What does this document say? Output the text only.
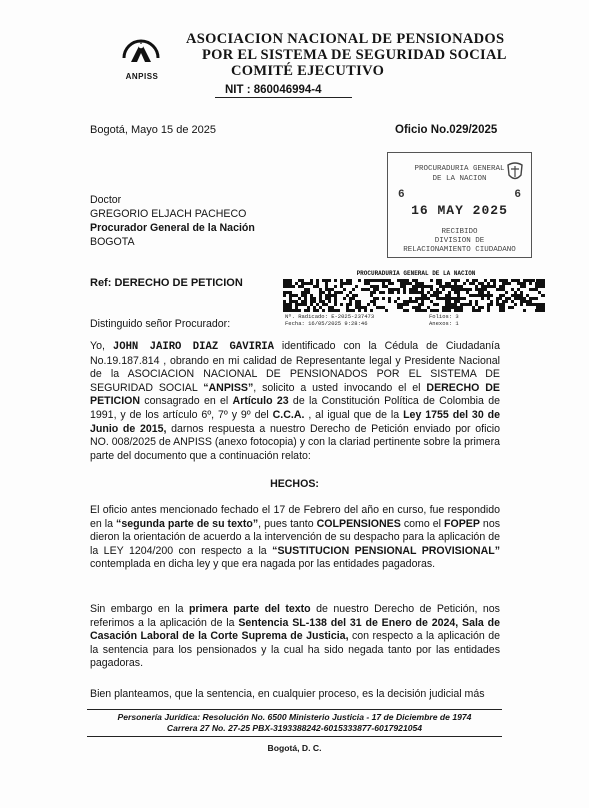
ANPISS
ASOCIACION NACIONAL DE PENSIONADOS
POR EL SISTEMA DE SEGURIDAD SOCIAL
COMITÉ EJECUTIVO
NIT : 860046994-4
Bogotá, Mayo 15 de 2025	Oficio No.029/2025
PROCURADURIA GENERAL
DE LA NACION
6	6
16 MAY 2025
RECIBIDO
DIVISION DE
RELACIONAMIENTO CIUDADANO
Doctor
GREGORIO ELJACH PACHECO
Procurador General de la Nación
BOGOTA
Ref: DERECHO DE PETICION
PROCURADURIA GENERAL DE LA NACION
Nº. Radicado: E-2025-237473
Fecha: 16/05/2025 9:28:46
Folios: 3
Anexos: 1
Distinguido señor Procurador:
Yo, JOHN JAIRO DIAZ GAVIRIA identificado con la Cédula de Ciudadanía No.19.187.814 , obrando en mi calidad de Representante legal y Presidente Nacional de la ASOCIACION NACIONAL DE PENSIONADOS POR EL SISTEMA DE SEGURIDAD SOCIAL “ANPISS”, solicito a usted invocando el el DERECHO DE PETICION consagrado en el Artículo 23 de la Constitución Política de Colombia de 1991, y de los artículo 6º, 7º y 9º del C.C.A. , al igual que de la Ley 1755 del 30 de Junio de 2015, darnos respuesta a nuestro Derecho de Petición enviado por oficio NO. 008/2025 de ANPISS (anexo fotocopia) y con la clariad pertinente sobre la primera parte del documento que a continuación relato:
HECHOS:
El oficio antes mencionado fechado el 17 de Febrero del año en curso, fue respondido en la “segunda parte de su texto”, pues tanto COLPENSIONES como el FOPEP nos dieron la orientación de acuerdo a la intervención de su despacho para la aplicación de la LEY 1204/200 con respecto a la “SUSTITUCION PENSIONAL PROVISIONAL” contemplada en dicha ley y que era nagada por las entidades pagadoras.
Sin embargo en la primera parte del texto de nuestro Derecho de Petición, nos referimos a la aplicación de la Sentencia SL-138 del 31 de Enero de 2024, Sala de Casación Laboral de la Corte Suprema de Justicia, con respecto a la aplicación de la sentencia para los pensionados y la cual ha sido negada tanto por las entidades pagadoras.
Bien planteamos, que la sentencia, en cualquier proceso, es la decisión judicial más
Personería Jurídica: Resolución No. 6500 Ministerio Justicia - 17 de Diciembre de 1974
Carrera 27 No. 27-25 PBX-3193388242-6015333877-6017921054
Bogotá, D. C.
